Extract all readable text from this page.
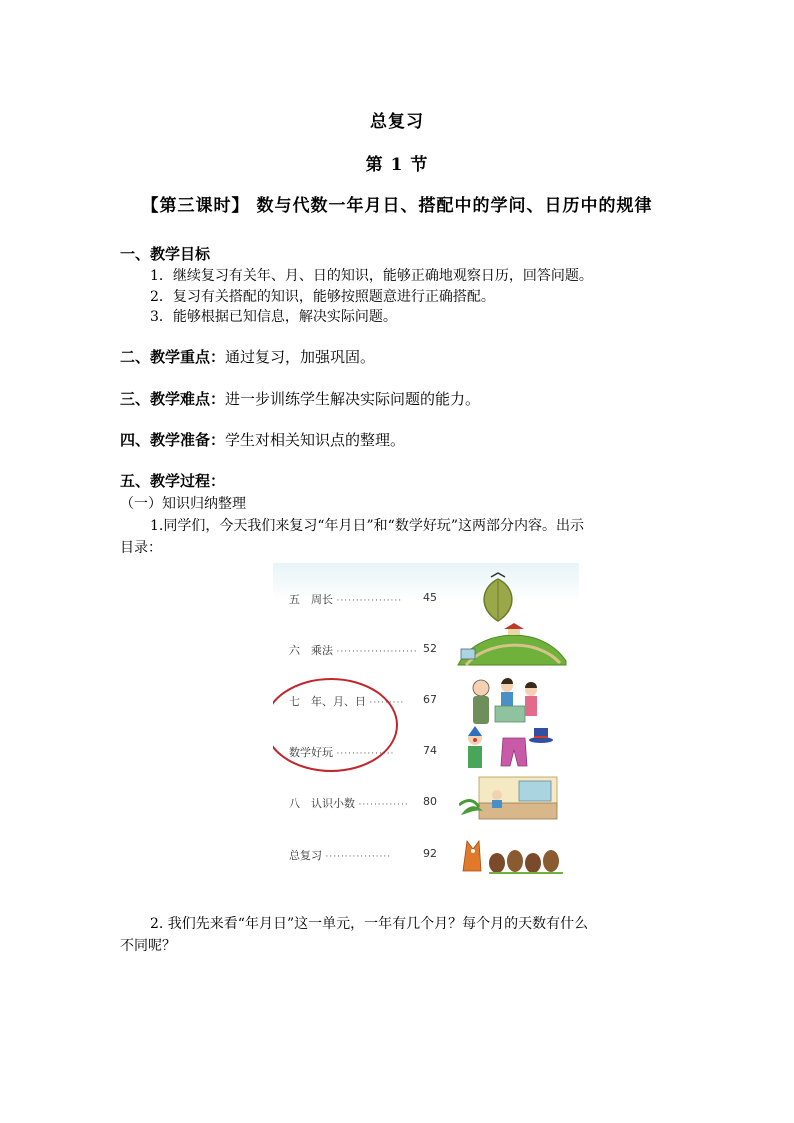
总复习
第 1 节
【第三课时】 数与代数一年月日、搭配中的学问、日历中的规律
一、教学目标
1．继续复习有关年、月、日的知识，能够正确地观察日历，回答问题。
2．复习有关搭配的知识，能够按照题意进行正确搭配。
3．能够根据已知信息，解决实际问题。
二、教学重点：通过复习，加强巩固。
三、教学难点：进一步训练学生解决实际问题的能力。
四、教学准备：学生对相关知识点的整理。
五、教学过程：
（一）知识归纳整理
1.同学们，今天我们来复习“年月日”和“数学好玩”这两部分内容。出示
目录：
五 周长 ················· 45
六 乘法 ····················· 52
七 年、月、日 ········· 67
数学好玩 ···············	74
八 认识小数 ············· 80
总复习 ·················	92
2. 我们先来看“年月日”这一单元，一年有几个月？每个月的天数有什么
不同呢？
